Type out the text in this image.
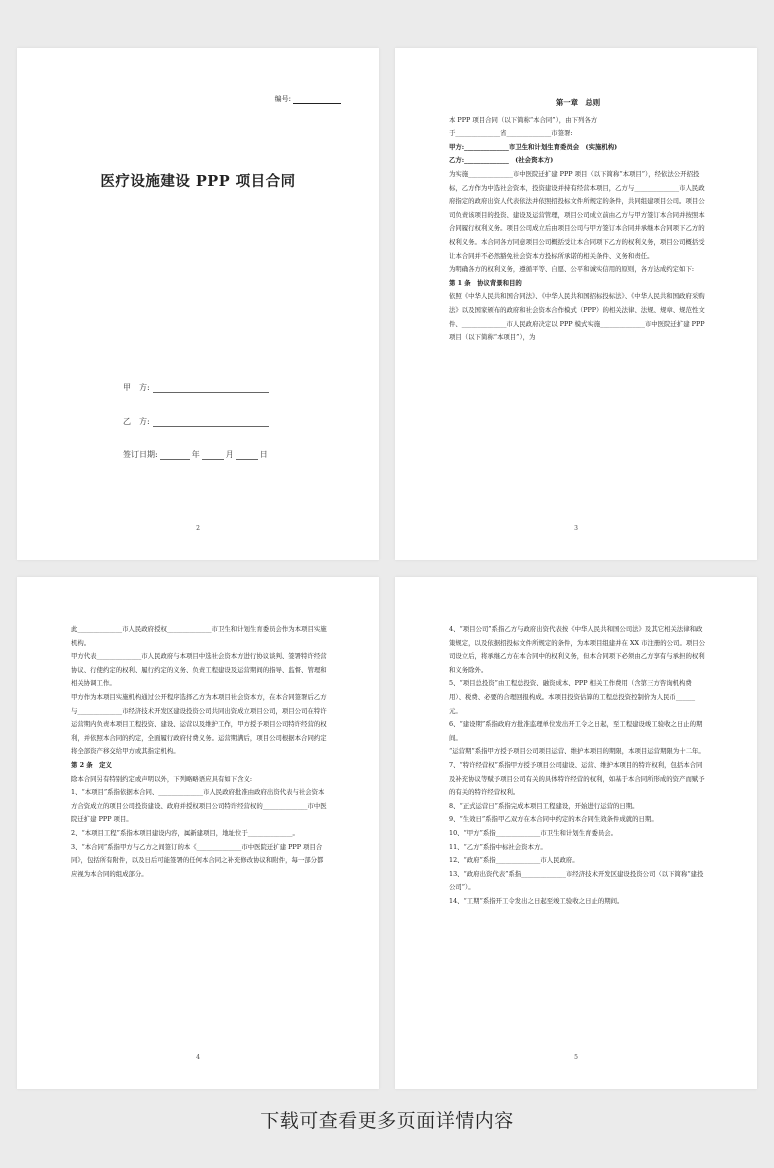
编号:
医疗设施建设 PPP 项目合同
甲　方:
乙　方:
签订日期:	年	月	日
2
第一章　总则

本 PPP 项目合同（以下简称“本合同”），由下列各方

于______________省______________市签署:

甲方:______________市卫生和计划生育委员会　(实施机构)

乙方:______________　(社会资本方)

为实施______________市中医院迁扩建 PPP 项目（以下简称“本项目”），经依法公开招投标，乙方作为中选社会资本，投资建设并持有经营本项目，乙方与______________市人民政府指定的政府出资人代表依法并依照招投标文件所规定的条件，共同组建项目公司。项目公司负责该项目的投资、建设及运营管理，项目公司成立前由乙方与甲方签订本合同并按照本合同履行权利义务。项目公司成立后由项目公司与甲方签订本合同并承继本合同项下乙方的权利义务。本合同各方同意项目公司概括受让本合同项下乙方的权利义务，项目公司概括受让本合同并不必然豁免社会资本方投标所承诺的相关条件、义务和责任。

为明确各方的权利义务，遵循平等、自愿、公平和诚实信用的原则，各方达成约定如下:

第 1 条　协议背景和目的

依照《中华人民共和国合同法》、《中华人民共和国招标投标法》、《中华人民共和国政府采购法》以及国家颁布的政府和社会资本合作模式（PPP）的相关法律、法规、规章、规范性文件、______________市人民政府决定以 PPP 模式实施______________市中医院迁扩建 PPP 项目（以下简称“本项目”），为

3

此______________市人民政府授权______________市卫生和计划生育委员会作为本项目实施机构。

甲方代表______________市人民政府与本项目中选社会资本方进行协议谈判、签署特许经营协议、行使约定的权利、履行约定的义务、负责工程建设及运营期间的指导、监督、管理和相关协调工作。

甲方作为本项目实施机构通过公开程序选择乙方为本项目社会资本方，在本合同签署后乙方与______________市经济技术开发区建设投资公司共同出资成立项目公司，项目公司在特许运营期内负责本项目工程投资、建设、运营以及维护工作，甲方授予项目公司特许经营的权利，并依照本合同的约定，全面履行政府付费义务。运营期满后，项目公司根据本合同约定将全部资产移交给甲方或其指定机构。

第 2 条　定义

除本合同另有特别约定或声明以外，下列略略语应具有如下含义:

1、“本项目”系指依据本合同、______________市人民政府批准由政府出资代表与社会资本方合资成立的项目公司投资建设、政府并授权项目公司特许经营权的______________市中医院迁扩建 PPP 项目。

2、“本项目工程”系指本项目建设内容，属新建项目，地址位于______________。

3、“本合同”系指甲方与乙方之间签订的本《______________市中医院迁扩建 PPP 项目合同》，包括所有附件，以及日后可能签署的任何本合同之补充修改协议和附件，每一部分都应视为本合同的组成部分。

4

4、“项目公司”系指乙方与政府出资代表按《中华人民共和国公司法》及其它相关法律和政策规定，以及依据招投标文件所规定的条件，为本项目组建并在 XX 市注册的公司。项目公司设立后，将承继乙方在本合同中的权利义务，但本合同项下必须由乙方享有与承担的权利和义务除外。

5、“项目总投资”由工程总投资、融资成本、PPP 相关工作费用（含第三方咨询机构费用）、税费、必要的合理回报构成。本项目投资估算的工程总投资控制价为人民币______元。

6、“建设期”系指政府方批准监理单位发出开工令之日起，至工程建设竣工验收之日止的期间。

“运营期”系指甲方授予项目公司项目运营、维护本项目的期限，本项目运营期限为十二年。

7、“特许经营权”系指甲方授予项目公司建设、运营、维护本项目的特许权利，包括本合同及补充协议等赋予项目公司有关的具体特许经营的权利，如基于本合同所形成的资产而赋予的有关的特许经营权利。

8、“正式运营日”系指完成本项目工程建设，开始进行运营的日期。

9、“生效日”系指甲乙双方在本合同中约定的本合同生效条件成就的日期。

10、“甲方”系指______________市卫生和计划生育委员会。

11、“乙方”系指中标社会资本方。

12、“政府”系指______________市人民政府。

13、“政府出资代表”系指______________市经济技术开发区建设投资公司（以下简称“建投公司”）。

14、“工期”系指开工令发出之日起至竣工验收之日止的期间。

5
下载可查看更多页面详情内容
